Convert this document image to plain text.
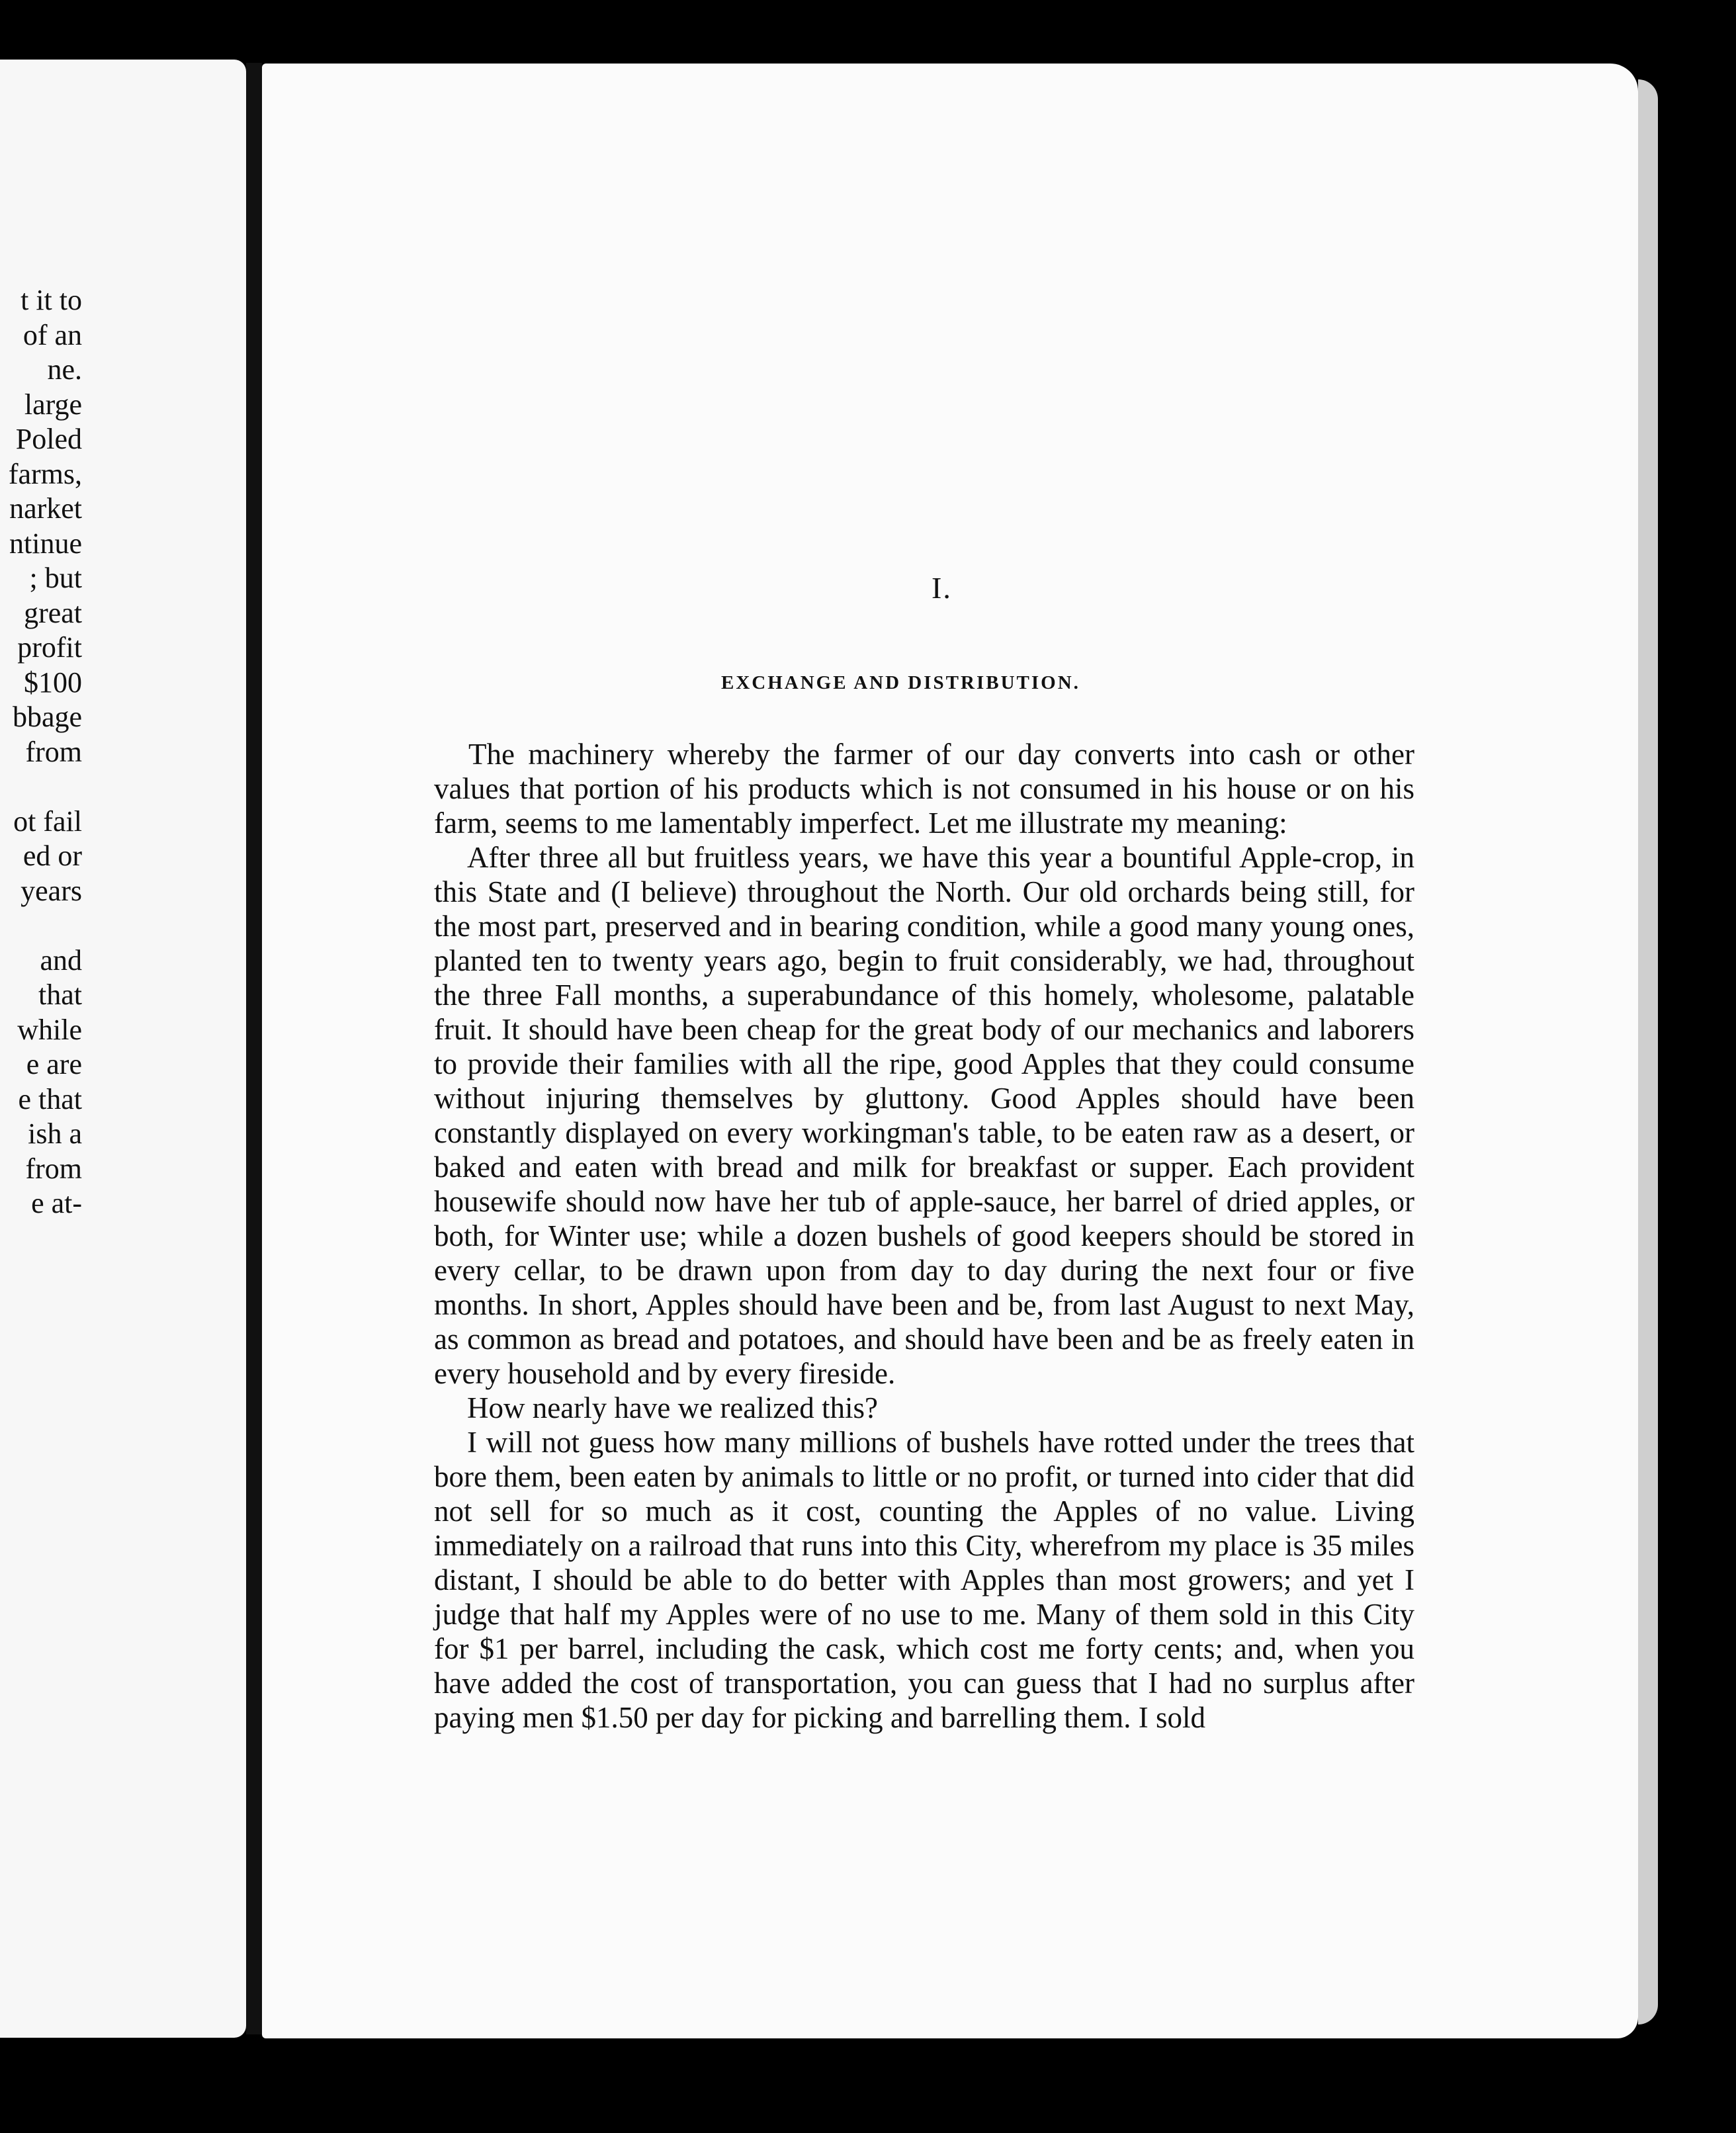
t it to
of an
ne.
large
Poled
farms,
narket
ntinue
; but
great
profit
$100
bbage
from
ot fail
ed or
years
and
that
while
e are
e that
ish a
from
e at-
I.
EXCHANGE AND DISTRIBUTION.

The machinery whereby the farmer of our day converts into cash or other values that portion of his products which is not consumed in his house or on his farm, seems to me lamentably imperfect. Let me illustrate my meaning:

After three all but fruitless years, we have this year a bountiful Apple-crop, in this State and (I believe) throughout the North. Our old orchards being still, for the most part, preserved and in bearing condition, while a good many young ones, planted ten to twenty years ago, begin to fruit considerably, we had, throughout the three Fall months, a superabundance of this homely, wholesome, palatable fruit. It should have been cheap for the great body of our mechanics and laborers to provide their families with all the ripe, good Apples that they could consume without injuring themselves by gluttony. Good Apples should have been constantly displayed on every workingman's table, to be eaten raw as a desert, or baked and eaten with bread and milk for breakfast or supper. Each provident housewife should now have her tub of apple-sauce, her barrel of dried apples, or both, for Winter use; while a dozen bushels of good keepers should be stored in every cellar, to be drawn upon from day to day during the next four or five months. In short, Apples should have been and be, from last August to next May, as common as bread and potatoes, and should have been and be as freely eaten in every household and by every fireside.

How nearly have we realized this?

I will not guess how many millions of bushels have rotted under the trees that bore them, been eaten by animals to little or no profit, or turned into cider that did not sell for so much as it cost, counting the Apples of no value. Living immediately on a railroad that runs into this City, wherefrom my place is 35 miles distant, I should be able to do better with Apples than most growers; and yet I judge that half my Apples were of no use to me. Many of them sold in this City for $1 per barrel, including the cask, which cost me forty cents; and, when you have added the cost of transportation, you can guess that I had no surplus after paying men $1.50 per day for picking and barrelling them. I sold
